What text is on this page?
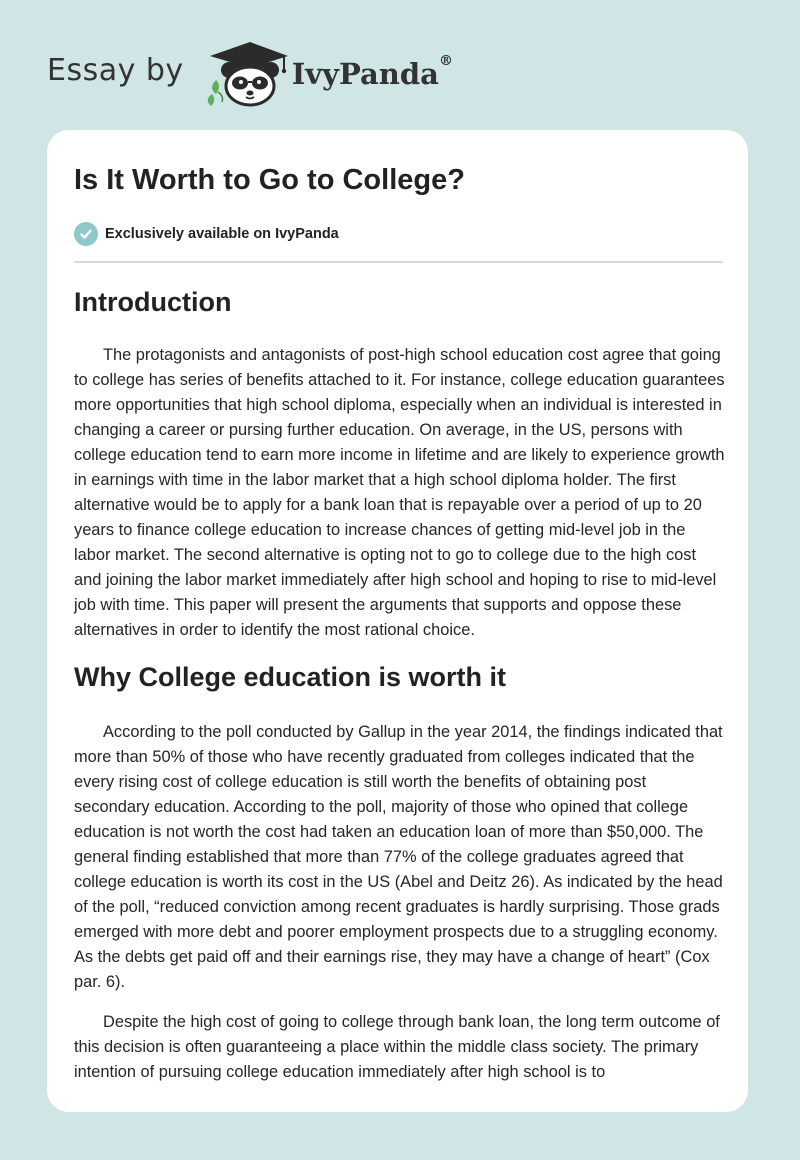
Essay by	IvyPanda®
Is It Worth to Go to College?
Exclusively available on IvyPanda
Introduction

The protagonists and antagonists of post-high school education cost agree that going to college has series of benefits attached to it. For instance, college education guarantees more opportunities that high school diploma, especially when an individual is interested in changing a career or pursing further education. On average, in the US, persons with college education tend to earn more income in lifetime and are likely to experience growth in earnings with time in the labor market that a high school diploma holder. The first alternative would be to apply for a bank loan that is repayable over a period of up to 20 years to finance college education to increase chances of getting mid-level job in the labor market. The second alternative is opting not to go to college due to the high cost and joining the labor market immediately after high school and hoping to rise to mid-level job with time. This paper will present the arguments that supports and oppose these alternatives in order to identify the most rational choice.

Why College education is worth it

According to the poll conducted by Gallup in the year 2014, the findings indicated that more than 50% of those who have recently graduated from colleges indicated that the every rising cost of college education is still worth the benefits of obtaining post secondary education. According to the poll, majority of those who opined that college education is not worth the cost had taken an education loan of more than $50,000. The general finding established that more than 77% of the college graduates agreed that college education is worth its cost in the US (Abel and Deitz 26). As indicated by the head of the poll, “reduced conviction among recent graduates is hardly surprising. Those grads emerged with more debt and poorer employment prospects due to a struggling economy. As the debts get paid off and their earnings rise, they may have a change of heart” (Cox par. 6).

Despite the high cost of going to college through bank loan, the long term outcome of this decision is often guaranteeing a place within the middle class society. The primary intention of pursuing college education immediately after high school is to
